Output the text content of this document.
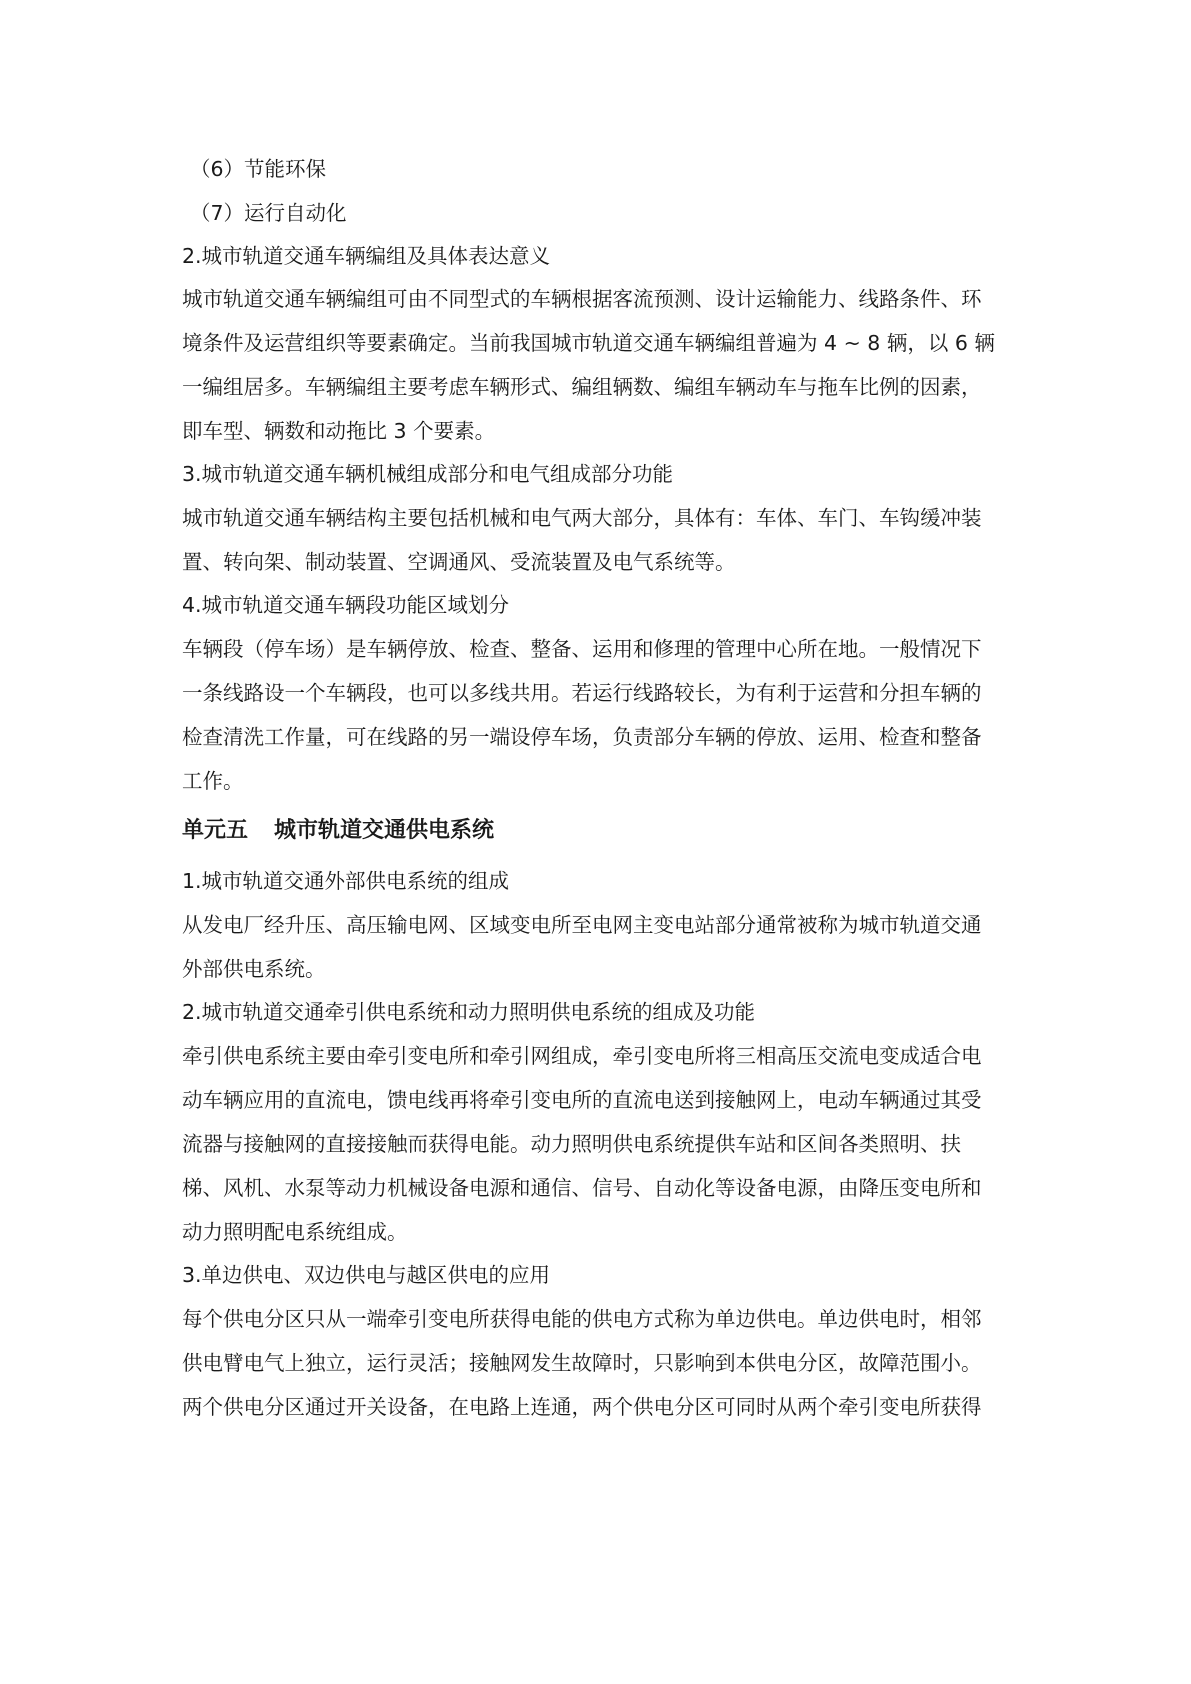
（6）节能环保
（7）运行自动化
2.城市轨道交通车辆编组及具体表达意义
城市轨道交通车辆编组可由不同型式的车辆根据客流预测、设计运输能力、线路条件、环
境条件及运营组织等要素确定。当前我国城市轨道交通车辆编组普遍为 4 ~ 8 辆，以 6 辆
一编组居多。车辆编组主要考虑车辆形式、编组辆数、编组车辆动车与拖车比例的因素，
即车型、辆数和动拖比 3 个要素。
3.城市轨道交通车辆机械组成部分和电气组成部分功能
城市轨道交通车辆结构主要包括机械和电气两大部分，具体有：车体、车门、车钩缓冲装
置、转向架、制动装置、空调通风、受流装置及电气系统等。
4.城市轨道交通车辆段功能区域划分
车辆段（停车场）是车辆停放、检查、整备、运用和修理的管理中心所在地。一般情况下
一条线路设一个车辆段，也可以多线共用。若运行线路较长，为有利于运营和分担车辆的
检查清洗工作量，可在线路的另一端设停车场，负责部分车辆的停放、运用、检查和整备
工作。
单元五 城市轨道交通供电系统
1.城市轨道交通外部供电系统的组成
从发电厂经升压、高压输电网、区域变电所至电网主变电站部分通常被称为城市轨道交通
外部供电系统。
2.城市轨道交通牵引供电系统和动力照明供电系统的组成及功能
牵引供电系统主要由牵引变电所和牵引网组成，牵引变电所将三相高压交流电变成适合电
动车辆应用的直流电，馈电线再将牵引变电所的直流电送到接触网上，电动车辆通过其受
流器与接触网的直接接触而获得电能。动力照明供电系统提供车站和区间各类照明、扶
梯、风机、水泵等动力机械设备电源和通信、信号、自动化等设备电源，由降压变电所和
动力照明配电系统组成。
3.单边供电、双边供电与越区供电的应用
每个供电分区只从一端牵引变电所获得电能的供电方式称为单边供电。单边供电时，相邻
供电臂电气上独立，运行灵活；接触网发生故障时，只影响到本供电分区，故障范围小。
两个供电分区通过开关设备，在电路上连通，两个供电分区可同时从两个牵引变电所获得
